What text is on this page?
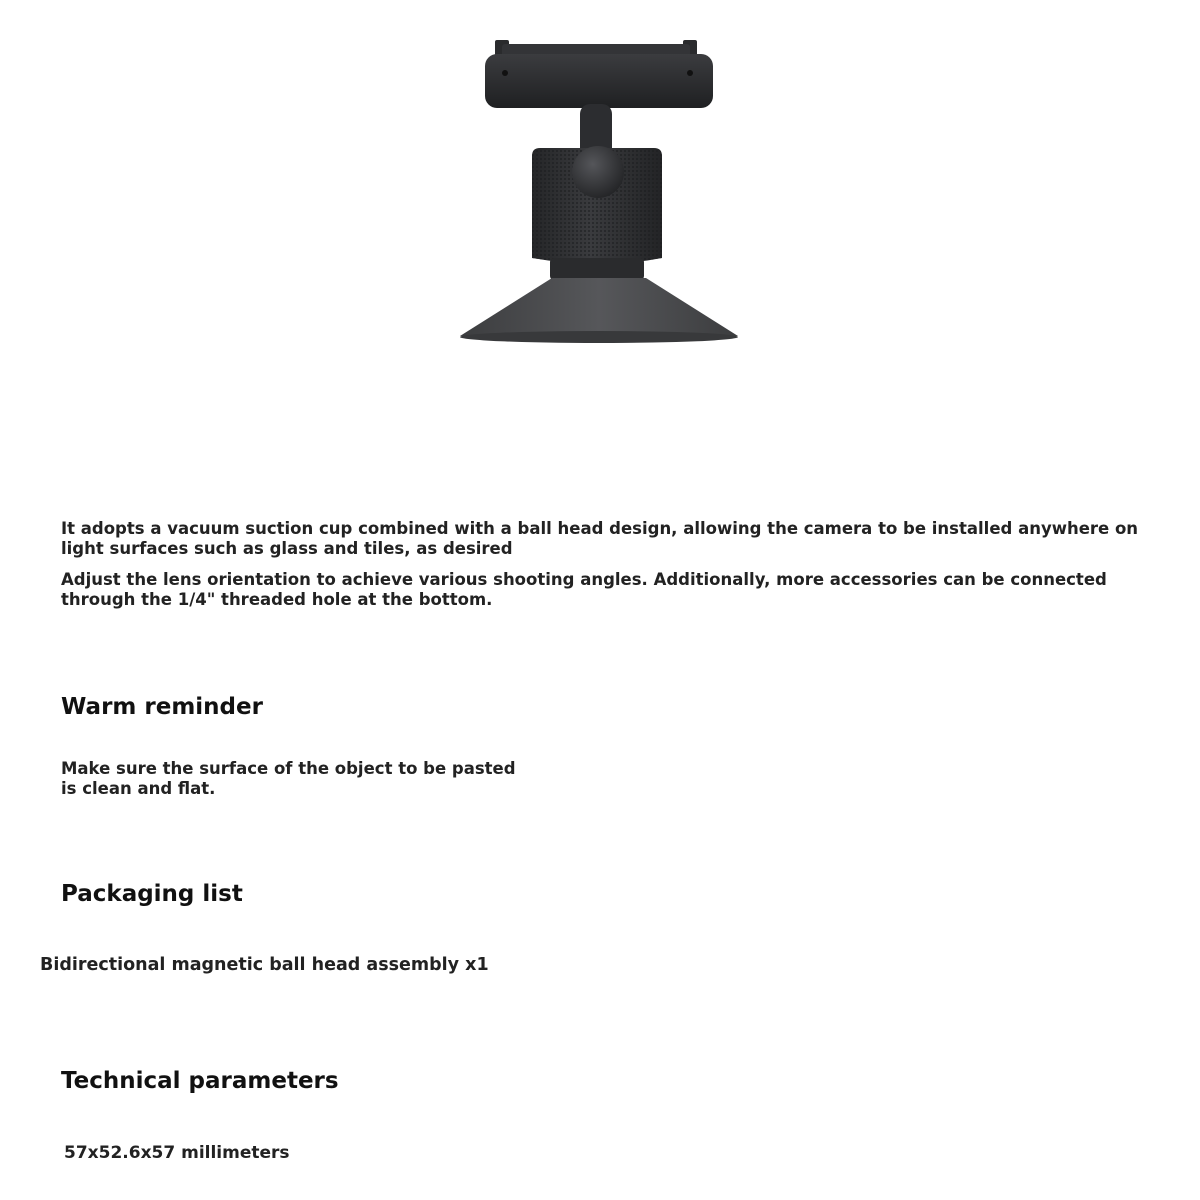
It adopts a vacuum suction cup combined with a ball head design, allowing the camera to be installed anywhere on light surfaces such as glass and tiles, as desired
Adjust the lens orientation to achieve various shooting angles. Additionally, more accessories can be connected through the 1/4" threaded hole at the bottom.
Warm reminder
Make sure the surface of the object to be pasted is clean and flat.
Packaging list
Bidirectional magnetic ball head assembly x1
Technical parameters
57x52.6x57 millimeters
